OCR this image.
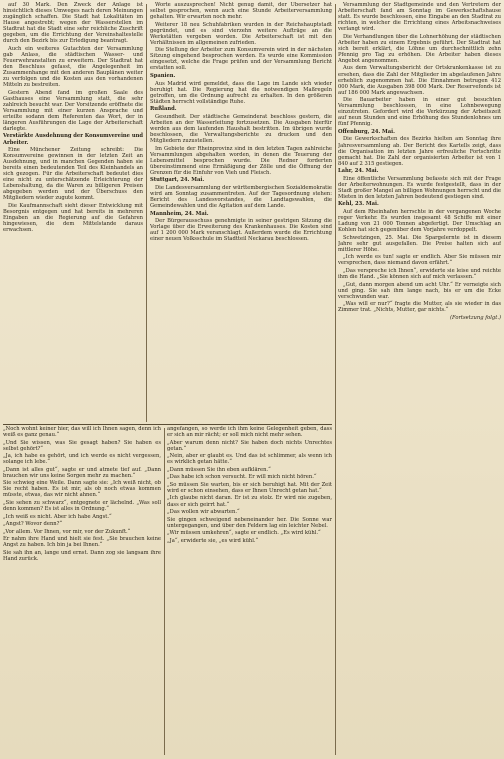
auf 30 Mark. Den Zweck der Anlage ist hinsichtlich dieses Umweges nach deren Meinungen zugänglich schaffen. Die Stadt hat Lokalitäten im Hause angestrebt; wegen der Wasserstellen im Stadtrat hat die Stadt eine sehr reichliche Zuschrift gegeben, um die Errichtung der Vereinshaltestelle durch den Bezirk bis zur Erledigung beantragt.

Auch ein weiteres Gutachten der Versammlung gab Anlass, die städtischen Wasser- und Feuerwehranstalten zu erweitern. Der Stadtrat hat den Beschluss gefasst, die Angelegenheit im Zusammenhange mit den anderen Bauplänen weiter zu verfolgen und die Kosten aus den vorhandenen Mitteln zu bestreiten.

Gestern Abend fand im großen Saale des Gasthauses eine Versammlung statt, die sehr zahlreich besucht war. Der Vorsitzende eröffnete die Versammlung mit einer kurzen Ansprache und erteilte sodann dem Referenten das Wort, der in längeren Ausführungen die Lage der Arbeiterschaft darlegte.

Verstärkte Ausdehnung der Konsumvereine und Arbeiter.

Eine Münchener Zeitung schreibt: Die Konsumvereine gewinnen in der letzten Zeit an Ausdehnung, und in manchen Gegenden haben sie bereits einen bedeutenden Teil des Kleinhandels an sich gezogen. Für die Arbeiterschaft bedeutet dies eine nicht zu unterschätzende Erleichterung der Lebenshaltung, da die Waren zu billigeren Preisen abgegeben werden und der Überschuss den Mitgliedern wieder zugute kommt.

Die Kaufmannschaft sieht dieser Entwicklung mit Besorgnis entgegen und hat bereits in mehreren Eingaben an die Regierung auf die Gefahren hingewiesen, die dem Mittelstande daraus erwachsen.

Worte auszusprechen! Nicht genug damit, der Übersetzer hat selbst gesprochen, wenn auch eine Stunde Arbeiterversammlung gehalten. Wir erwarten noch mehr.

Weiterer 18 neu Schuhfabriken wurden in der Reichshauptstadt gegründet, und es sind vierzehn weitere Aufträge an die Werkstätten vergeben worden. Die Arbeiterschaft ist mit den Verhältnissen im allgemeinen zufrieden.

Die Stellung der Arbeiter zum Konsumverein wird in der nächsten Sitzung eingehend besprochen werden. Es wurde eine Kommission eingesetzt, welche die Frage prüfen und der Versammlung Bericht erstatten soll.

Spanien.

Aus Madrid wird gemeldet, dass die Lage im Lande sich wieder beruhigt hat. Die Regierung hat die notwendigen Maßregeln getroffen, um die Ordnung aufrecht zu erhalten. In den größeren Städten herrscht vollständige Ruhe.

Rußland.

Gesundheit. Der städtische Gemeinderat beschloss gestern, die Arbeiten an der Wasserleitung fortzusetzen. Die Ausgaben hierfür werden aus dem laufenden Haushalt bestritten. Im übrigen wurde beschlossen, die Verwaltungsberichte zu drucken und den Mitgliedern zuzustellen.

Im Gebiete der Rheinprovinz sind in den letzten Tagen zahlreiche Versammlungen abgehalten worden, in denen die Teuerung der Lebensmittel besprochen wurde. Die Redner forderten übereinstimmend eine Ermäßigung der Zölle und die Öffnung der Grenzen für die Einfuhr von Vieh und Fleisch.

Stuttgart, 24. Mai.

Die Landesversammlung der württembergischen Sozialdemokratie wird am Sonntag zusammentreten. Auf der Tagesordnung stehen: Bericht des Landesvorstandes, die Landtagswahlen, die Gemeindewahlen und die Agitation auf dem Lande.

Mannheim, 24. Mai.

Der Bürgerausschuss genehmigte in seiner gestrigen Sitzung die Vorlage über die Erweiterung des Krankenhauses. Die Kosten sind auf 1 200 000 Mark veranschlagt. Außerdem wurde die Errichtung einer neuen Volksschule im Stadtteil Neckarau beschlossen.

Versammlung der Stadtgemeinde und den Vertretern der Arbeiterschaft fand am Sonntag im Gewerkschaftshause statt. Es wurde beschlossen, eine Eingabe an den Stadtrat zu richten, in welcher die Errichtung eines Arbeitsnachweises verlangt wird.

Die Verhandlungen über die Lohnerhöhung der städtischen Arbeiter haben zu einem Ergebnis geführt. Der Stadtrat hat sich bereit erklärt, die Löhne um durchschnittlich zehn Pfennig pro Tag zu erhöhen. Die Arbeiter haben dieses Angebot angenommen.

Aus dem Verwaltungsbericht der Ortskrankenkasse ist zu ersehen, dass die Zahl der Mitglieder im abgelaufenen Jahre erheblich zugenommen hat. Die Einnahmen betrugen 412 000 Mark, die Ausgaben 398 000 Mark. Der Reservefonds ist auf 186 000 Mark angewachsen.

Die Bauarbeiter haben in einer gut besuchten Versammlung beschlossen, in eine Lohnbewegung einzutreten. Gefordert wird die Verkürzung der Arbeitszeit auf neun Stunden und eine Erhöhung des Stundenlohnes um fünf Pfennig.

Offenburg, 24. Mai.

Die Gewerkschaften des Bezirks hielten am Sonntag ihre Jahresversammlung ab. Der Bericht des Kartells zeigt, dass die Organisation im letzten Jahre erfreuliche Fortschritte gemacht hat. Die Zahl der organisierten Arbeiter ist von 1 840 auf 2 315 gestiegen.

Lahr, 24. Mai.

Eine öffentliche Versammlung befasste sich mit der Frage der Arbeiterwohnungen. Es wurde festgestellt, dass in der Stadt großer Mangel an billigen Wohnungen herrscht und die Mieten in den letzten Jahren bedeutend gestiegen sind.

Kehl, 23. Mai.

Auf dem Rheinhafen herrschte in der vergangenen Woche reger Verkehr. Es wurden insgesamt 48 Schiffe mit einer Ladung von 21 000 Tonnen abgefertigt. Der Umschlag an Kohlen hat sich gegenüber dem Vorjahre verdoppelt.

Schwetzingen, 25. Mai. Die Spargelernte ist in diesem Jahre sehr gut ausgefallen. Die Preise halten sich auf mittlerer Höhe.

„Ich werde es tun! sagte er endlich. Aber Sie müssen mir versprechen, dass niemand davon erfährt.“

„Das verspreche ich Ihnen“, erwiderte sie leise und reichte ihm die Hand. „Sie können sich auf mich verlassen.“

„Gut, dann morgen abend um acht Uhr.“ Er verneigte sich und ging. Sie sah ihm lange nach, bis er um die Ecke verschwunden war.

„Was will er nur?“ fragte die Mutter, als sie wieder in das Zimmer trat. „Nichts, Mutter, gar nichts.“

(Fortsetzung folgt.)

„Noch wohnt keiner hier, das will ich Ihnen sagen, denn ich weiß es ganz genau.“

„Und Sie wissen, was Sie gesagt haben? Sie haben es selbst gehört?“

„Ja, ich habe es gehört, und ich werde es nicht vergessen, solange ich lebe.“

„Dann ist alles gut“, sagte er und atmete tief auf. „Dann brauchen wir uns keine Sorgen mehr zu machen.“

Sie schwieg eine Weile. Dann sagte sie: „Ich weiß nicht, ob Sie recht haben. Es ist mir, als ob noch etwas kommen müsste, etwas, das wir nicht ahnen.“

„Sie sehen zu schwarz“, entgegnete er lächelnd. „Was soll denn kommen? Es ist alles in Ordnung.“

„Ich weiß es nicht. Aber ich habe Angst.“

„Angst? Wovor denn?“

„Vor allem. Vor Ihnen, vor mir, vor der Zukunft.“

Er nahm ihre Hand und hielt sie fest. „Sie brauchen keine Angst zu haben. Ich bin ja bei Ihnen.“

Sie sah ihn an, lange und ernst. Dann zog sie langsam ihre Hand zurück.

angefangen, so werde ich ihm keine Gelegenheit geben, dass er sich an mir rächt; er soll mich nicht mehr sehen.

„Aber warum denn nicht? Sie haben doch nichts Unrechtes getan.“

„Nein, aber er glaubt es. Und das ist schlimmer, als wenn ich es wirklich getan hätte.“

„Dann müssen Sie ihn eben aufklären.“

„Das habe ich schon versucht. Er will mich nicht hören.“

„So müssen Sie warten, bis er sich beruhigt hat. Mit der Zeit wird er schon einsehen, dass er Ihnen Unrecht getan hat.“

„Ich glaube nicht daran. Er ist zu stolz. Er wird nie zugeben, dass er sich geirrt hat.“

„Das wollen wir abwarten.“

Sie gingen schweigend nebeneinander her. Die Sonne war untergegangen, und über den Feldern lag ein leichter Nebel.

„Wir müssen umkehren“, sagte er endlich. „Es wird kühl.“

„Ja“, erwiderte sie, „es wird kühl.“
